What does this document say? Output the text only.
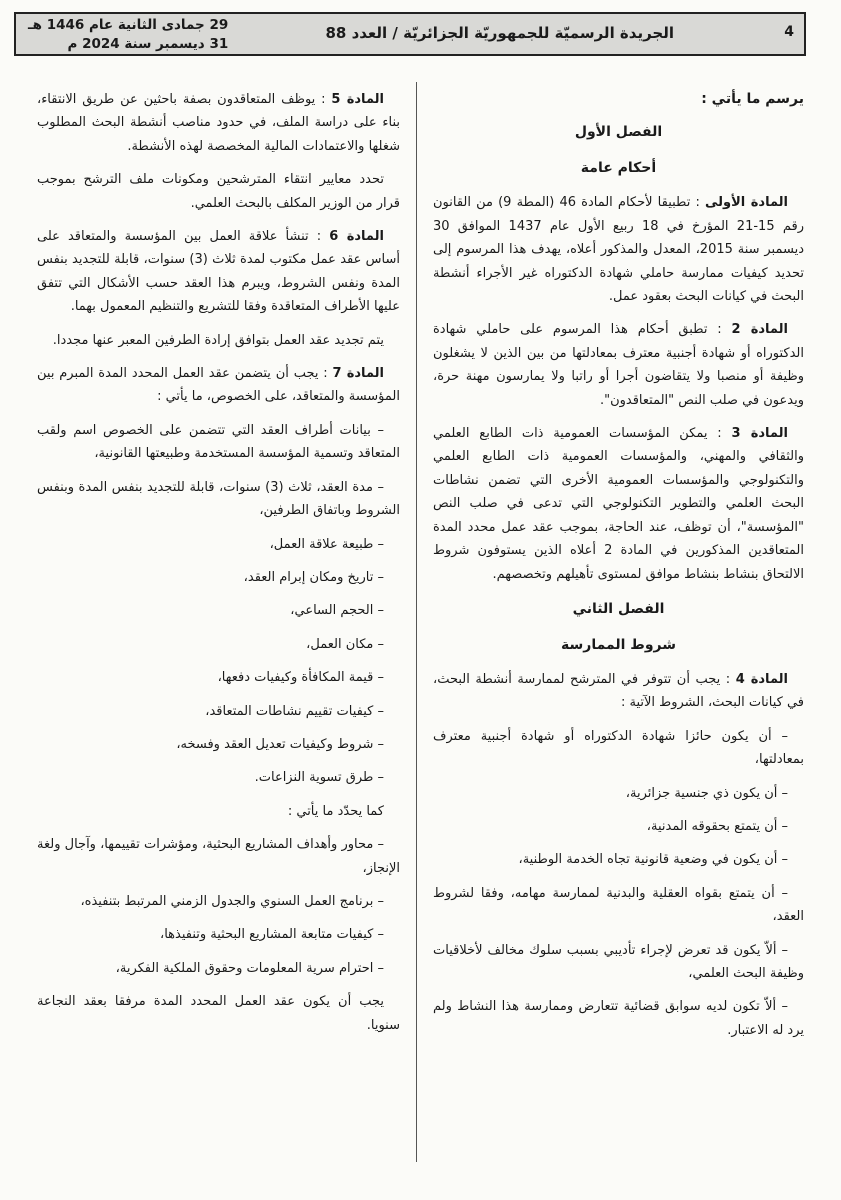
4
الجريدة الرسميّة للجمهوريّة الجزائريّة / العدد 88
29 جمادى الثانية عام 1446 هـ
31 ديسمبر سنة 2024 م

يرسم ما يأتي :

الفصل الأول

أحكام عامة

المادة الأولى : تطبيقا لأحكام المادة 46 (المطة 9) من القانون رقم 15-21 المؤرخ في 18 ربيع الأول عام 1437 الموافق 30 ديسمبر سنة 2015، المعدل والمذكور أعلاه، يهدف هذا المرسوم إلى تحديد كيفيات ممارسة حاملي شهادة الدكتوراه غير الأجراء أنشطة البحث في كيانات البحث بعقود عمل.

المادة 2 : تطبق أحكام هذا المرسوم على حاملي شهادة الدكتوراه أو شهادة أجنبية معترف بمعادلتها من بين الذين لا يشغلون وظيفة أو منصبا ولا يتقاضون أجرا أو راتبا ولا يمارسون مهنة حرة، ويدعون في صلب النص "المتعاقدون".

المادة 3 : يمكن المؤسسات العمومية ذات الطابع العلمي والثقافي والمهني، والمؤسسات العمومية ذات الطابع العلمي والتكنولوجي والمؤسسات العمومية الأخرى التي تضمن نشاطات البحث العلمي والتطوير التكنولوجي التي تدعى في صلب النص "المؤسسة"، أن توظف، عند الحاجة، بموجب عقد عمل محدد المدة المتعاقدين المذكورين في المادة 2 أعلاه الذين يستوفون شروط الالتحاق بنشاط بنشاط موافق لمستوى تأهيلهم وتخصصهم.

الفصل الثاني

شروط الممارسة

المادة 4 : يجب أن تتوفر في المترشح لممارسة أنشطة البحث، في كيانات البحث، الشروط الآتية :

– أن يكون حائزا شهادة الدكتوراه أو شهادة أجنبية معترف بمعادلتها،

– أن يكون ذي جنسية جزائرية،

– أن يتمتع بحقوقه المدنية،

– أن يكون في وضعية قانونية تجاه الخدمة الوطنية،

– أن يتمتع بقواه العقلية والبدنية لممارسة مهامه، وفقا لشروط العقد،

– ألاّ يكون قد تعرض لإجراء تأديبي بسبب سلوك مخالف لأخلاقيات وظيفة البحث العلمي،

– ألاّ تكون لديه سوابق قضائية تتعارض وممارسة هذا النشاط ولم يرد له الاعتبار.

المادة 5 : يوظف المتعاقدون بصفة باحثين عن طريق الانتقاء، بناء على دراسة الملف، في حدود مناصب أنشطة البحث المطلوب شغلها والاعتمادات المالية المخصصة لهذه الأنشطة.

تحدد معايير انتقاء المترشحين ومكونات ملف الترشح بموجب قرار من الوزير المكلف بالبحث العلمي.

المادة 6 : تنشأ علاقة العمل بين المؤسسة والمتعاقد على أساس عقد عمل مكتوب لمدة ثلاث (3) سنوات، قابلة للتجديد بنفس المدة ونفس الشروط، ويبرم هذا العقد حسب الأشكال التي تتفق عليها الأطراف المتعاقدة وفقا للتشريع والتنظيم المعمول بهما.

يتم تجديد عقد العمل بتوافق إرادة الطرفين المعبر عنها مجددا.

المادة 7 : يجب أن يتضمن عقد العمل المحدد المدة المبرم بين المؤسسة والمتعاقد، على الخصوص، ما يأتي :

– بيانات أطراف العقد التي تتضمن على الخصوص اسم ولقب المتعاقد وتسمية المؤسسة المستخدمة وطبيعتها القانونية،

– مدة العقد، ثلاث (3) سنوات، قابلة للتجديد بنفس المدة وبنفس الشروط وباتفاق الطرفين،

– طبيعة علاقة العمل،

– تاريخ ومكان إبرام العقد،

– الحجم الساعي،

– مكان العمل،

– قيمة المكافأة وكيفيات دفعها،

– كيفيات تقييم نشاطات المتعاقد،

– شروط وكيفيات تعديل العقد وفسخه،

– طرق تسوية النزاعات.

كما يحدّد ما يأتي :

– محاور وأهداف المشاريع البحثية، ومؤشرات تقييمها، وآجال ولغة الإنجاز،

– برنامج العمل السنوي والجدول الزمني المرتبط بتنفيذه،

– كيفيات متابعة المشاريع البحثية وتنفيذها،

– احترام سرية المعلومات وحقوق الملكية الفكرية،

يجب أن يكون عقد العمل المحدد المدة مرفقا بعقد النجاعة سنويا.
